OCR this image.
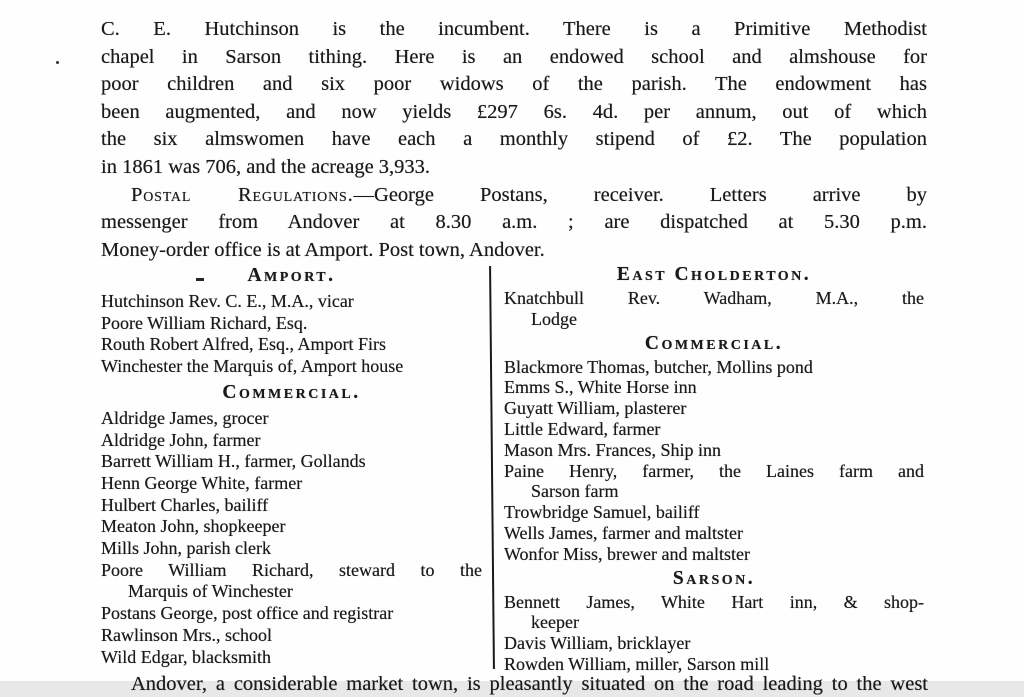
C. E. Hutchinson is the incumbent. There is a Primitive Methodist
chapel in Sarson tithing. Here is an endowed school and almshouse for
poor children and six poor widows of the parish. The endowment has
been augmented, and now yields £297 6s. 4d. per annum, out of which
the six almswomen have each a monthly stipend of £2. The population
in 1861 was 706, and the acreage 3,933.
Postal Regulations.—George Postans, receiver. Letters arrive by
messenger from Andover at 8.30 a.m. ; are dispatched at 5.30 p.m.
Money-order office is at Amport. Post town, Andover.
Amport.
Hutchinson Rev. C. E., M.A., vicar
Poore William Richard, Esq.
Routh Robert Alfred, Esq., Amport Firs
Winchester the Marquis of, Amport house
Commercial.
Aldridge James, grocer
Aldridge John, farmer
Barrett William H., farmer, Gollands
Henn George White, farmer
Hulbert Charles, bailiff
Meaton John, shopkeeper
Mills John, parish clerk
Poore William Richard, steward to the
Marquis of Winchester
Postans George, post office and registrar
Rawlinson Mrs., school
Wild Edgar, blacksmith
East Cholderton.
Knatchbull Rev. Wadham, M.A., the
Lodge
Commercial.
Blackmore Thomas, butcher, Mollins pond
Emms S., White Horse inn
Guyatt William, plasterer
Little Edward, farmer
Mason Mrs. Frances, Ship inn
Paine Henry, farmer, the Laines farm and
Sarson farm
Trowbridge Samuel, bailiff
Wells James, farmer and maltster
Wonfor Miss, brewer and maltster
Sarson.
Bennett James, White Hart inn, & shop-
keeper
Davis William, bricklayer
Rowden William, miller, Sarson mill
Andover, a considerable market town, is pleasantly situated on the road leading to the west
